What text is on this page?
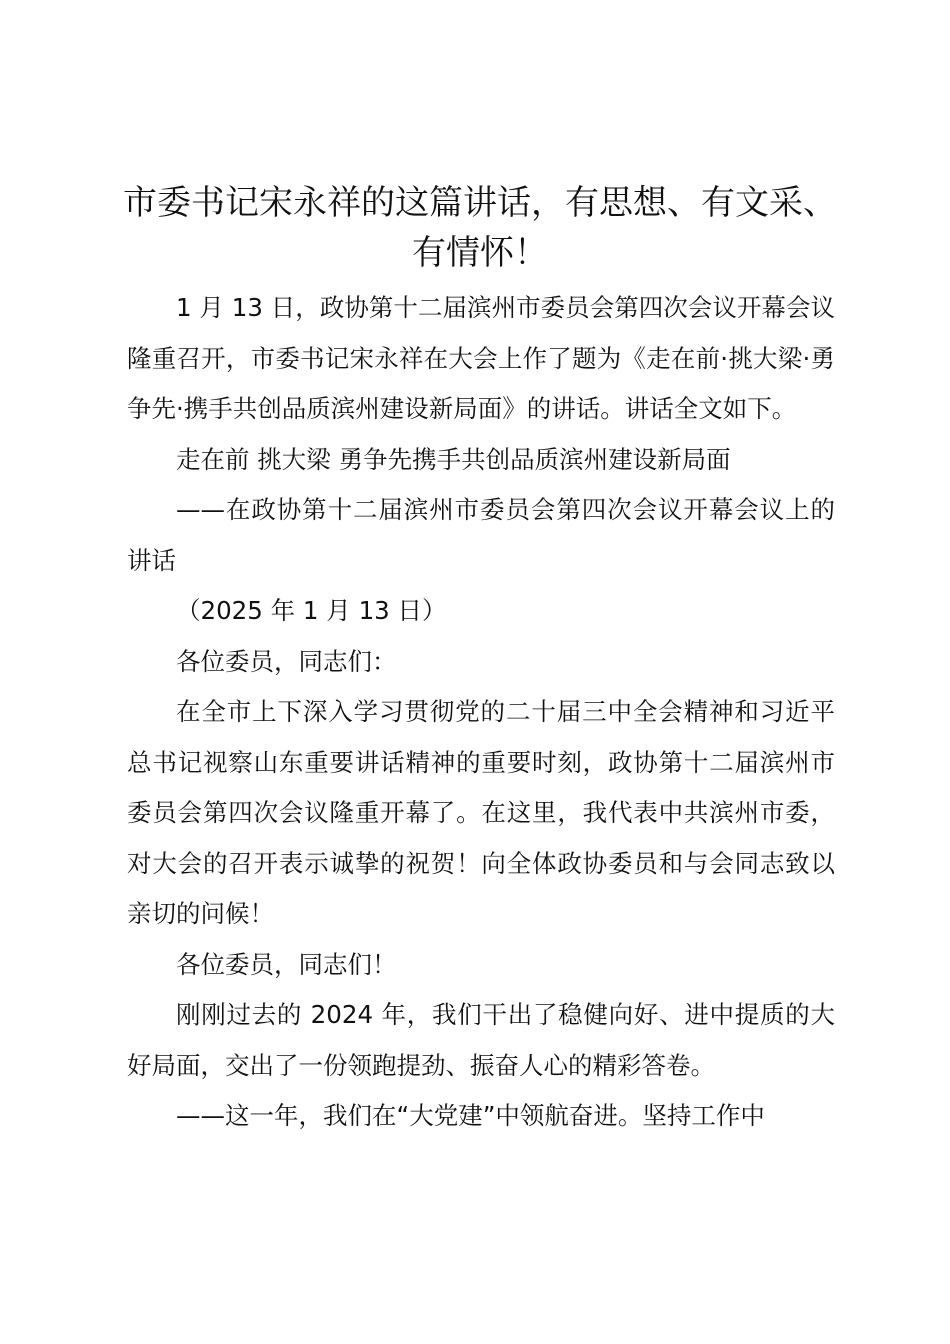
市委书记宋永祥的这篇讲话，有思想、有文采、有情怀！

1 月 13 日，政协第十二届滨州市委员会第四次会议开幕会议隆重召开，市委书记宋永祥在大会上作了题为《走在前·挑大梁·勇争先·携手共创品质滨州建设新局面》的讲话。讲话全文如下。

走在前 挑大梁 勇争先携手共创品质滨州建设新局面

——在政协第十二届滨州市委员会第四次会议开幕会议上的讲话

（2025 年 1 月 13 日）

各位委员，同志们：

在全市上下深入学习贯彻党的二十届三中全会精神和习近平总书记视察山东重要讲话精神的重要时刻，政协第十二届滨州市委员会第四次会议隆重开幕了。在这里，我代表中共滨州市委，对大会的召开表示诚挚的祝贺！向全体政协委员和与会同志致以亲切的问候！

各位委员，同志们！

刚刚过去的 2024 年，我们干出了稳健向好、进中提质的大好局面，交出了一份领跑提劲、振奋人心的精彩答卷。

——这一年，我们在“大党建”中领航奋进。坚持工作中
